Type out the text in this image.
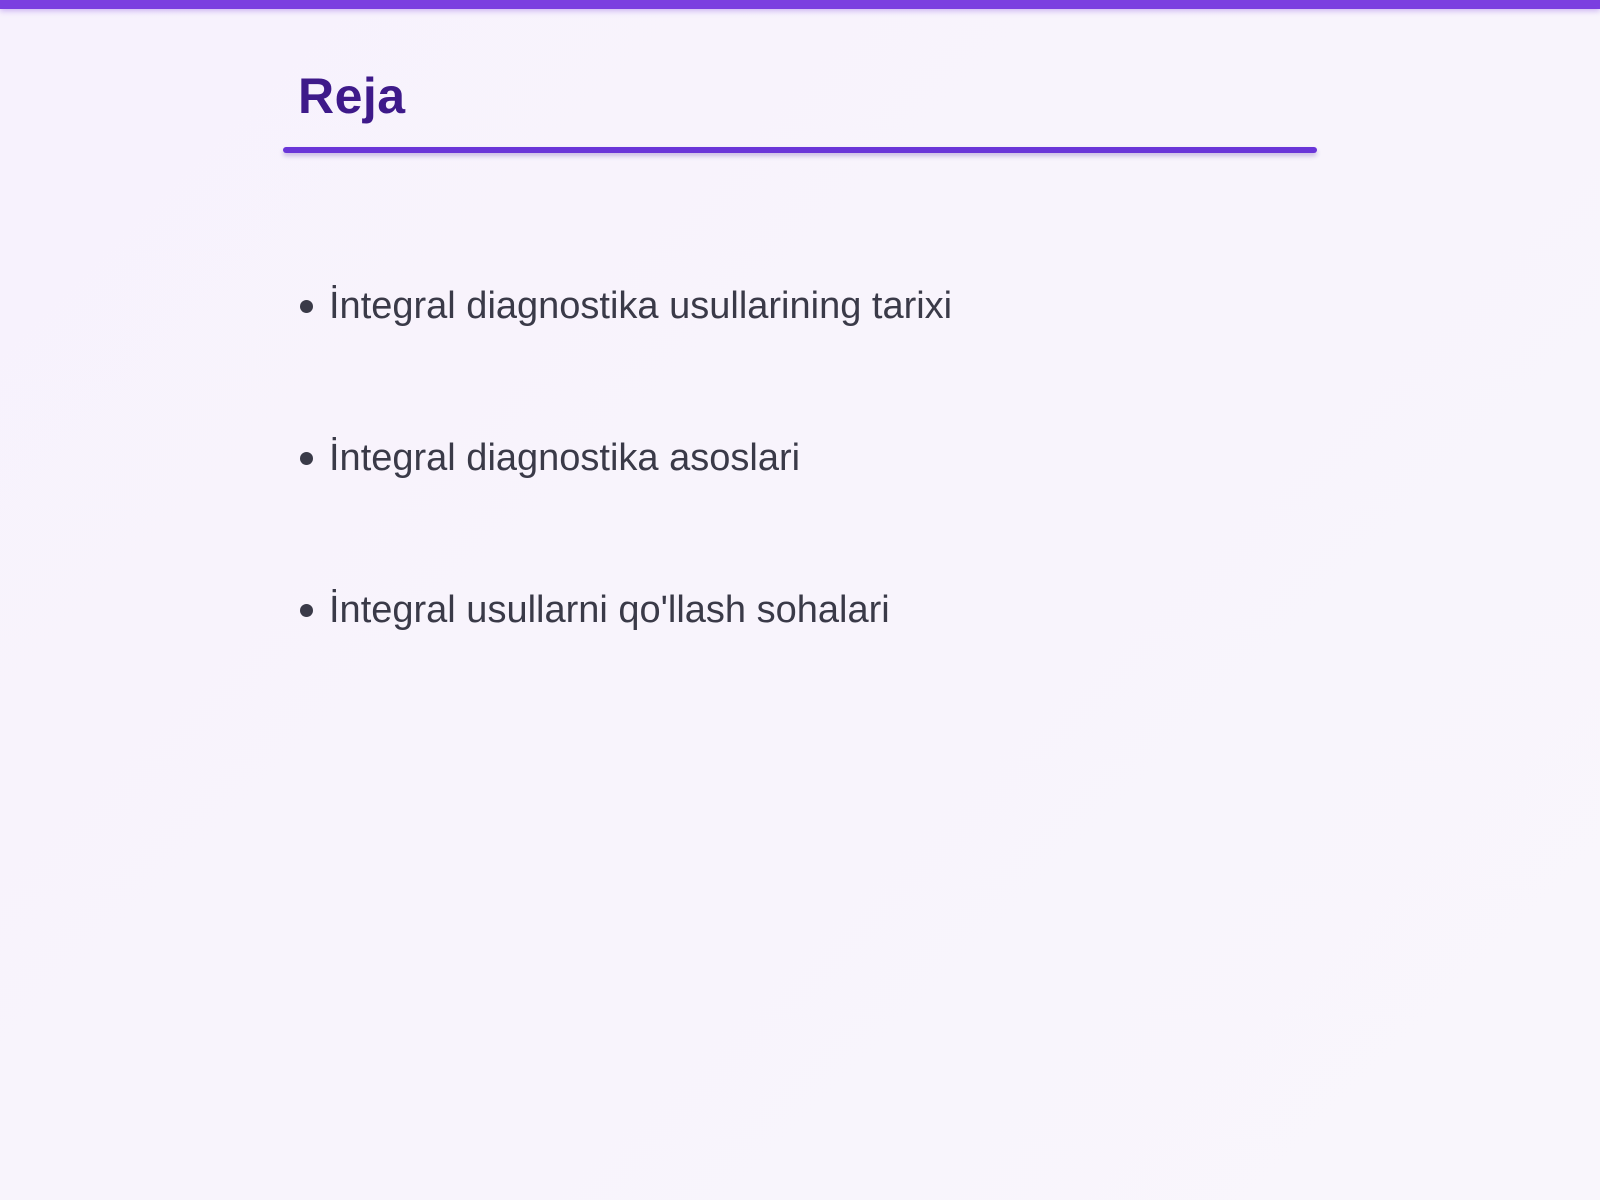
Reja
İntegral diagnostika usullarining tarixi
İntegral diagnostika asoslari
İntegral usullarni qo'llash sohalari
